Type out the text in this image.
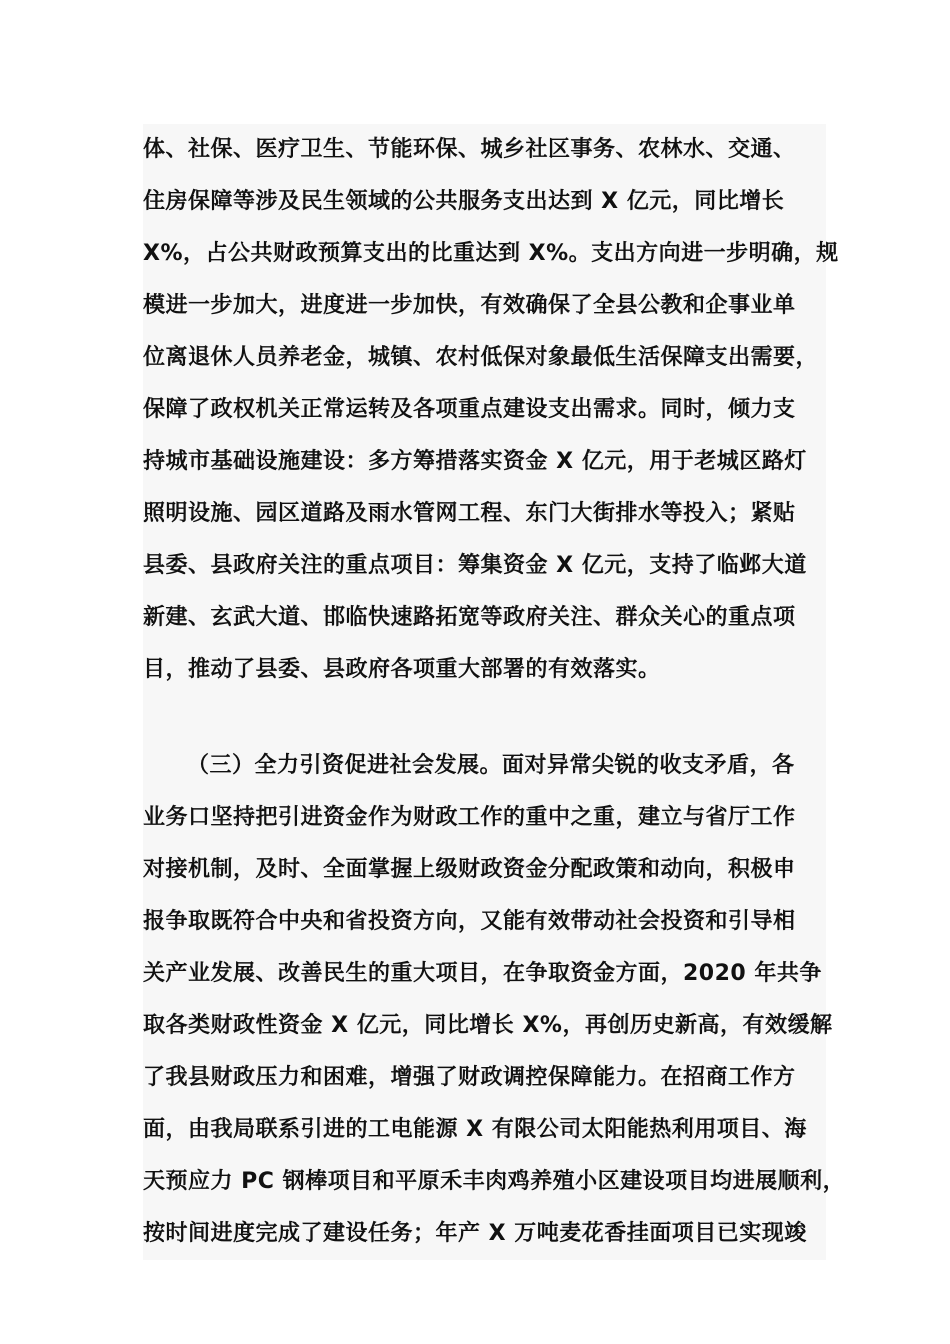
体、社保、医疗卫生、节能环保、城乡社区事务、农林水、交通、
住房保障等涉及民生领域的公共服务支出达到 X 亿元，同比增长
X%，占公共财政预算支出的比重达到 X%。支出方向进一步明确，规
模进一步加大，进度进一步加快，有效确保了全县公教和企事业单
位离退休人员养老金，城镇、农村低保对象最低生活保障支出需要，
保障了政权机关正常运转及各项重点建设支出需求。同时，倾力支
持城市基础设施建设：多方筹措落实资金 X 亿元，用于老城区路灯
照明设施、园区道路及雨水管网工程、东门大街排水等投入；紧贴
县委、县政府关注的重点项目：筹集资金 X 亿元，支持了临邺大道
新建、玄武大道、邯临快速路拓宽等政府关注、群众关心的重点项
目，推动了县委、县政府各项重大部署的有效落实。
（三）全力引资促进社会发展。面对异常尖锐的收支矛盾，各
业务口坚持把引进资金作为财政工作的重中之重，建立与省厅工作
对接机制，及时、全面掌握上级财政资金分配政策和动向，积极申
报争取既符合中央和省投资方向，又能有效带动社会投资和引导相
关产业发展、改善民生的重大项目，在争取资金方面，2020 年共争
取各类财政性资金 X 亿元，同比增长 X%，再创历史新高，有效缓解
了我县财政压力和困难，增强了财政调控保障能力。在招商工作方
面，由我局联系引进的工电能源 X 有限公司太阳能热利用项目、海
天预应力 PC 钢棒项目和平原禾丰肉鸡养殖小区建设项目均进展顺利，
按时间进度完成了建设任务；年产 X 万吨麦花香挂面项目已实现竣
